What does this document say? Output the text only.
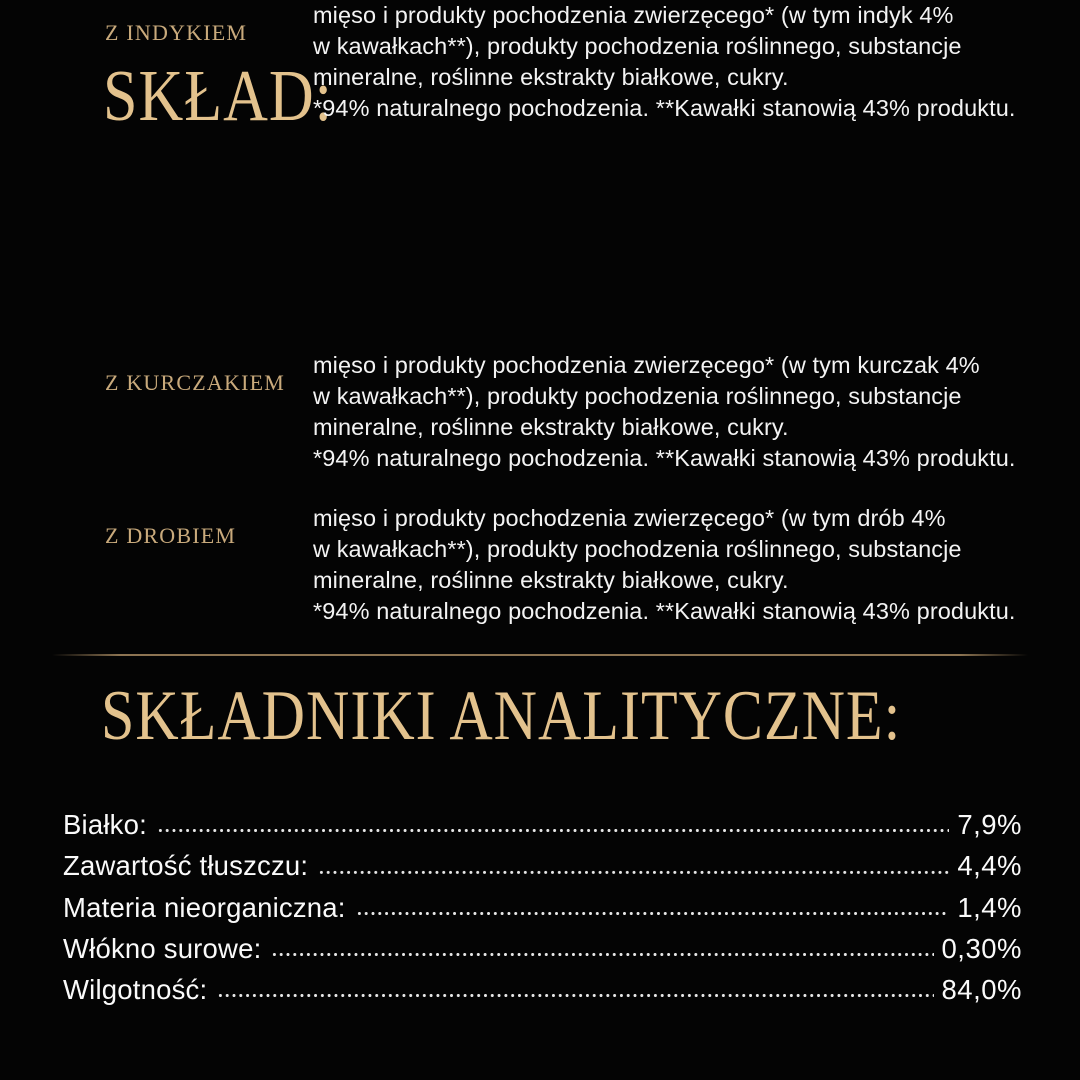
SKŁAD:
Z KURCZAKIEM
mięso i produkty pochodzenia zwierzęcego* (w tym kurczak 4%
w kawałkach**), produkty pochodzenia roślinnego, substancje
mineralne, roślinne ekstrakty białkowe, cukry.
*94% naturalnego pochodzenia. **Kawałki stanowią 43% produktu.
Z DROBIEM
mięso i produkty pochodzenia zwierzęcego* (w tym drób 4%
w kawałkach**), produkty pochodzenia roślinnego, substancje
mineralne, roślinne ekstrakty białkowe, cukry.
*94% naturalnego pochodzenia. **Kawałki stanowią 43% produktu.
Z INDYKIEM
mięso i produkty pochodzenia zwierzęcego* (w tym indyk 4%
w kawałkach**), produkty pochodzenia roślinnego, substancje
mineralne, roślinne ekstrakty białkowe, cukry.
*94% naturalnego pochodzenia. **Kawałki stanowią 43% produktu.
SKŁADNIKI ANALITYCZNE:
Białko:	7,9%
Zawartość tłuszczu:	4,4%
Materia nieorganiczna:	1,4%
Włókno surowe:	0,30%
Wilgotność:	84,0%
